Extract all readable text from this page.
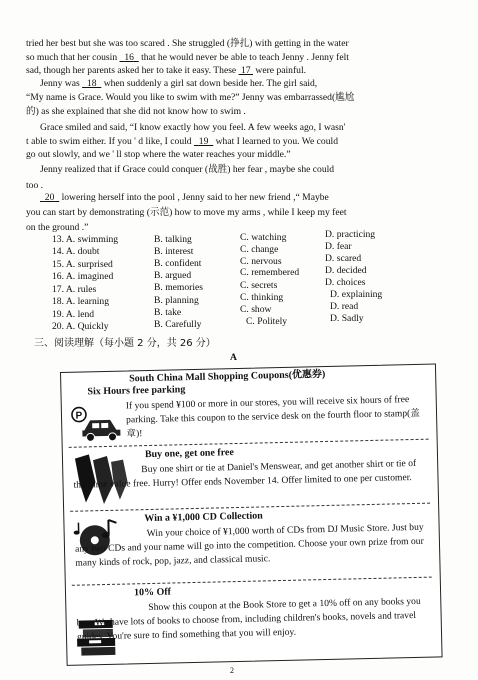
tried her best but she was too scared . She struggled (挣扎) with getting in the water
so much that her cousin 16 that he would never be able to teach Jenny . Jenny felt
sad, though her parents asked her to take it easy. These 17 were painful.
Jenny was 18 when suddenly a girl sat down beside her. The girl said,
“My name is Grace. Would you like to swim with me?” Jenny was embarrassed(尴尬
的) as she explained that she did not know how to swim .
Grace smiled and said, “I know exactly how you feel. A few weeks ago, I wasn'
t able to swim either. If you ' d like, I could 19 what I learned to you. We could
go out slowly, and we ' ll stop where the water reaches your middle.”
Jenny realized that if Grace could conquer (战胜) her fear , maybe she could
too .
20 lowering herself into the pool , Jenny said to her new friend ,“ Maybe
you can start by demonstrating (示范) how to move my arms , while I keep my feet
on the ground .”
13. A. swimming	B. talking	C. watching	D. practicing
14. A. doubt	B. interest	C. change	D. fear
15. A. surprised	B. confident	C. nervous	D. scared
16. A. imagined	B. argued	C. remembered	D. decided
17. A. rules	B. memories	C. secrets	D. choices
18. A. learning	B. planning	C. thinking	D. explaining
19. A. lend	B. take	C. show	D. read
20. A. Quickly	B. Carefully	C. Politely	D. Sadly
三、阅读理解（每小题 2 分，共 26 分）
A
South China Mall Shopping Coupons(优惠券)
Six Hours free parking
P
If you spend ¥100 or more in our stores, you will receive six hours of free parking. Take this coupon to the service desk on the fourth floor to stamp(盖章)!
Buy one, get one free
Buy one shirt or tie at Daniel's Menswear, and get another shirt or tie of the same value free. Hurry! Offer ends November 14. Offer limited to one per customer.
Win a ¥1,000 CD Collection
Win your choice of ¥1,000 worth of CDs from DJ Music Store. Just buy any two CDs and your name will go into the competition. Choose your own prize from our many kinds of rock, pop, jazz, and classical music.
10% Off
Show this coupon at the Book Store to get a 10% off on any books you buy. We have lots of books to choose from, including children's books, novels and travel guides. You're sure to find something that you will enjoy.
2
